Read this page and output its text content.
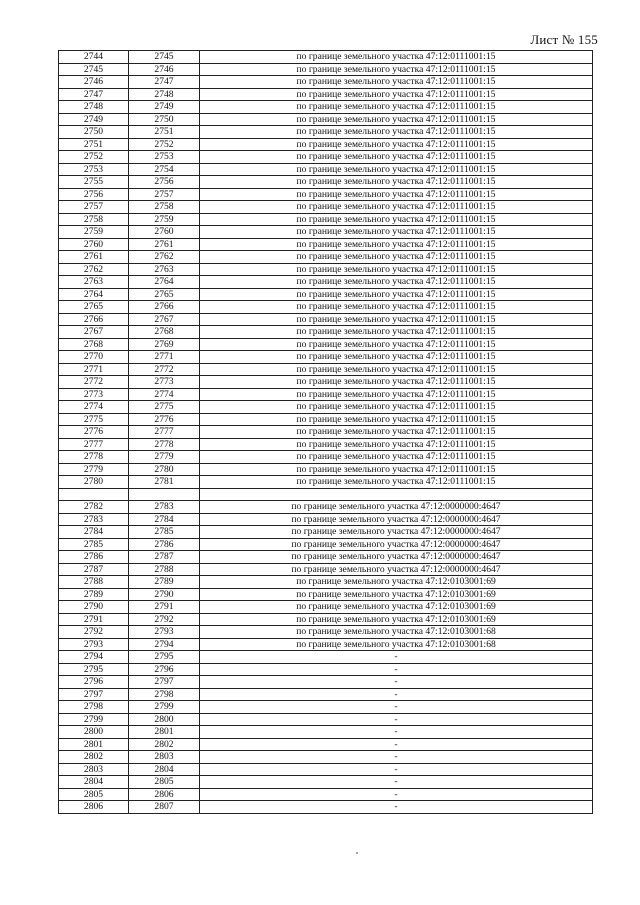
Лист № 155
2744	2745	по границе земельного участка 47:12:0111001:15
2745	2746	по границе земельного участка 47:12:0111001:15
2746	2747	по границе земельного участка 47:12:0111001:15
2747	2748	по границе земельного участка 47:12:0111001:15
2748	2749	по границе земельного участка 47:12:0111001:15
2749	2750	по границе земельного участка 47:12:0111001:15
2750	2751	по границе земельного участка 47:12:0111001:15
2751	2752	по границе земельного участка 47:12:0111001:15
2752	2753	по границе земельного участка 47:12:0111001:15
2753	2754	по границе земельного участка 47:12:0111001:15
2755	2756	по границе земельного участка 47:12:0111001:15
2756	2757	по границе земельного участка 47:12:0111001:15
2757	2758	по границе земельного участка 47:12:0111001:15
2758	2759	по границе земельного участка 47:12:0111001:15
2759	2760	по границе земельного участка 47:12:0111001:15
2760	2761	по границе земельного участка 47:12:0111001:15
2761	2762	по границе земельного участка 47:12:0111001:15
2762	2763	по границе земельного участка 47:12:0111001:15
2763	2764	по границе земельного участка 47:12:0111001:15
2764	2765	по границе земельного участка 47:12:0111001:15
2765	2766	по границе земельного участка 47:12:0111001:15
2766	2767	по границе земельного участка 47:12:0111001:15
2767	2768	по границе земельного участка 47:12:0111001:15
2768	2769	по границе земельного участка 47:12:0111001:15
2770	2771	по границе земельного участка 47:12:0111001:15
2771	2772	по границе земельного участка 47:12:0111001:15
2772	2773	по границе земельного участка 47:12:0111001:15
2773	2774	по границе земельного участка 47:12:0111001:15
2774	2775	по границе земельного участка 47:12:0111001:15
2775	2776	по границе земельного участка 47:12:0111001:15
2776	2777	по границе земельного участка 47:12:0111001:15
2777	2778	по границе земельного участка 47:12:0111001:15
2778	2779	по границе земельного участка 47:12:0111001:15
2779	2780	по границе земельного участка 47:12:0111001:15
2780	2781	по границе земельного участка 47:12:0111001:15

2782	2783	по границе земельного участка 47:12:0000000:4647
2783	2784	по границе земельного участка 47:12:0000000:4647
2784	2785	по границе земельного участка 47:12:0000000:4647
2785	2786	по границе земельного участка 47:12:0000000:4647
2786	2787	по границе земельного участка 47:12:0000000:4647
2787	2788	по границе земельного участка 47:12:0000000:4647
2788	2789	по границе земельного участка 47:12:0103001:69
2789	2790	по границе земельного участка 47:12:0103001:69
2790	2791	по границе земельного участка 47:12:0103001:69
2791	2792	по границе земельного участка 47:12:0103001:69
2792	2793	по границе земельного участка 47:12:0103001:68
2793	2794	по границе земельного участка 47:12:0103001:68
2794	2795	-
2795	2796	-
2796	2797	-
2797	2798	-
2798	2799	-
2799	2800	-
2800	2801	-
2801	2802	-
2802	2803	-
2803	2804	-
2804	2805	-
2805	2806	-
2806	2807	-
